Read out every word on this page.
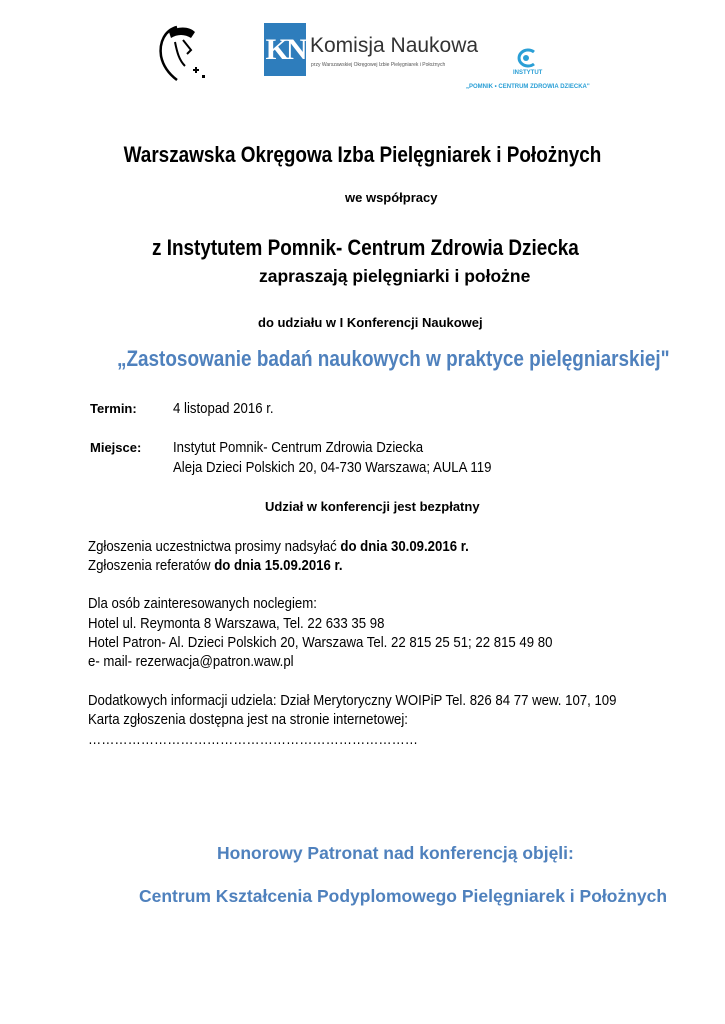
KN Komisja Naukowa
przy Warszawskiej Okręgowej Izbie Pielęgniarek i Położnych
INSTYTUT
„POMNIK • CENTRUM ZDROWIA DZIECKA"
Warszawska Okręgowa Izba Pielęgniarek i Położnych
we współpracy
z Instytutem Pomnik- Centrum Zdrowia Dziecka
zapraszają pielęgniarki i położne
do udziału w I Konferencji Naukowej
„Zastosowanie badań naukowych w praktyce pielęgniarskiej"
Termin: 4 listopad 2016 r.
Miejsce: Instytut Pomnik- Centrum Zdrowia Dziecka
Aleja Dzieci Polskich 20, 04-730 Warszawa; AULA 119
Udział w konferencji jest bezpłatny
Zgłoszenia uczestnictwa prosimy nadsyłać do dnia 30.09.2016 r.
Zgłoszenia referatów do dnia 15.09.2016 r.
Dla osób zainteresowanych noclegiem:
Hotel ul. Reymonta 8 Warszawa, Tel. 22 633 35 98
Hotel Patron- Al. Dzieci Polskich 20, Warszawa Tel. 22 815 25 51; 22 815 49 80
e- mail- rezerwacja@patron.waw.pl
Dodatkowych informacji udziela: Dział Merytoryczny WOIPiP Tel. 826 84 77 wew. 107, 109
Karta zgłoszenia dostępna jest na stronie internetowej:
…………………………………………………………………
Honorowy Patronat nad konferencją objęli:
Centrum Kształcenia Podyplomowego Pielęgniarek i Położnych
